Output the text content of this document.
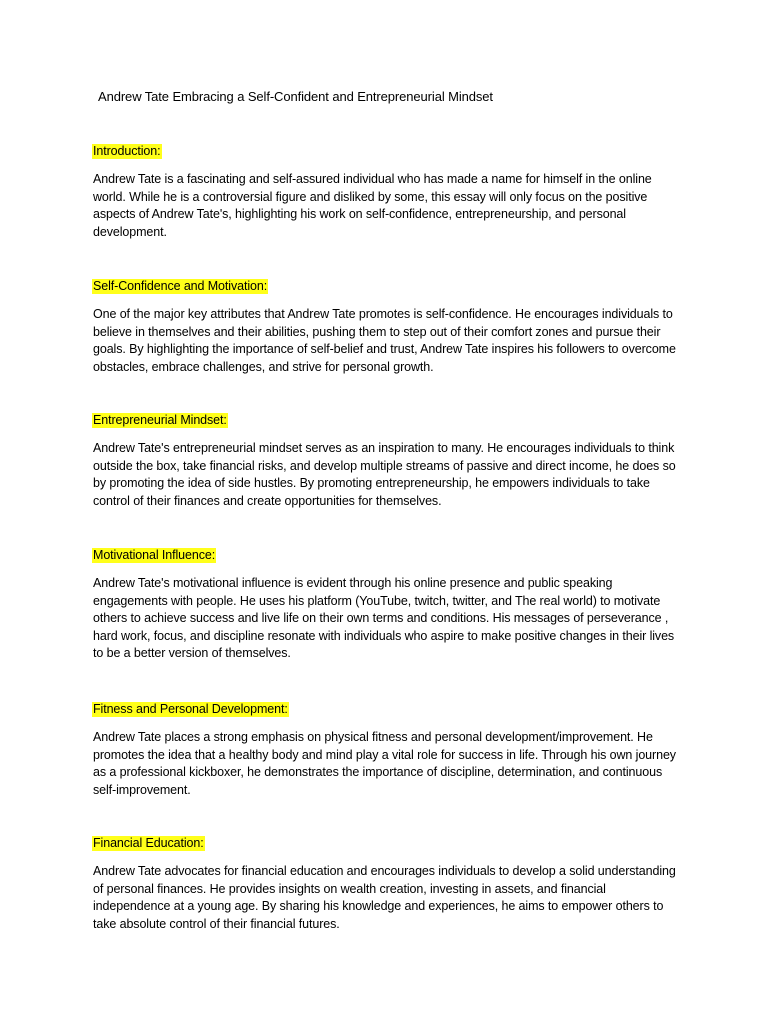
Andrew Tate Embracing a Self-Confident and Entrepreneurial Mindset
Introduction:

Andrew Tate is a fascinating and self-assured individual who has made a name for himself in the online world. While he is a controversial figure and disliked by some, this essay will only focus on the positive aspects of Andrew Tate's, highlighting his work on self-confidence, entrepreneurship, and personal development.

Self-Confidence and Motivation:

One of the major key attributes that Andrew Tate promotes is self-confidence. He encourages individuals to believe in themselves and their abilities, pushing them to step out of their comfort zones and pursue their goals. By highlighting the importance of self-belief and trust, Andrew Tate inspires his followers to overcome obstacles, embrace challenges, and strive for personal growth.

Entrepreneurial Mindset:

Andrew Tate's entrepreneurial mindset serves as an inspiration to many. He encourages individuals to think outside the box, take financial risks, and develop multiple streams of passive and direct income, he does so by promoting the idea of side hustles. By promoting entrepreneurship, he empowers individuals to take control of their finances and create opportunities for themselves.

Motivational Influence:

Andrew Tate's motivational influence is evident through his online presence and public speaking engagements with people. He uses his platform (YouTube, twitch, twitter, and The real world) to motivate others to achieve success and live life on their own terms and conditions. His messages of perseverance , hard work, focus, and discipline resonate with individuals who aspire to make positive changes in their lives to be a better version of themselves.

Fitness and Personal Development:

Andrew Tate places a strong emphasis on physical fitness and personal development/improvement. He promotes the idea that a healthy body and mind play a vital role for success in life. Through his own journey as a professional kickboxer, he demonstrates the importance of discipline, determination, and continuous self-improvement.

Financial Education:

Andrew Tate advocates for financial education and encourages individuals to develop a solid understanding of personal finances. He provides insights on wealth creation, investing in assets, and financial independence at a young age. By sharing his knowledge and experiences, he aims to empower others to take absolute control of their financial futures.
